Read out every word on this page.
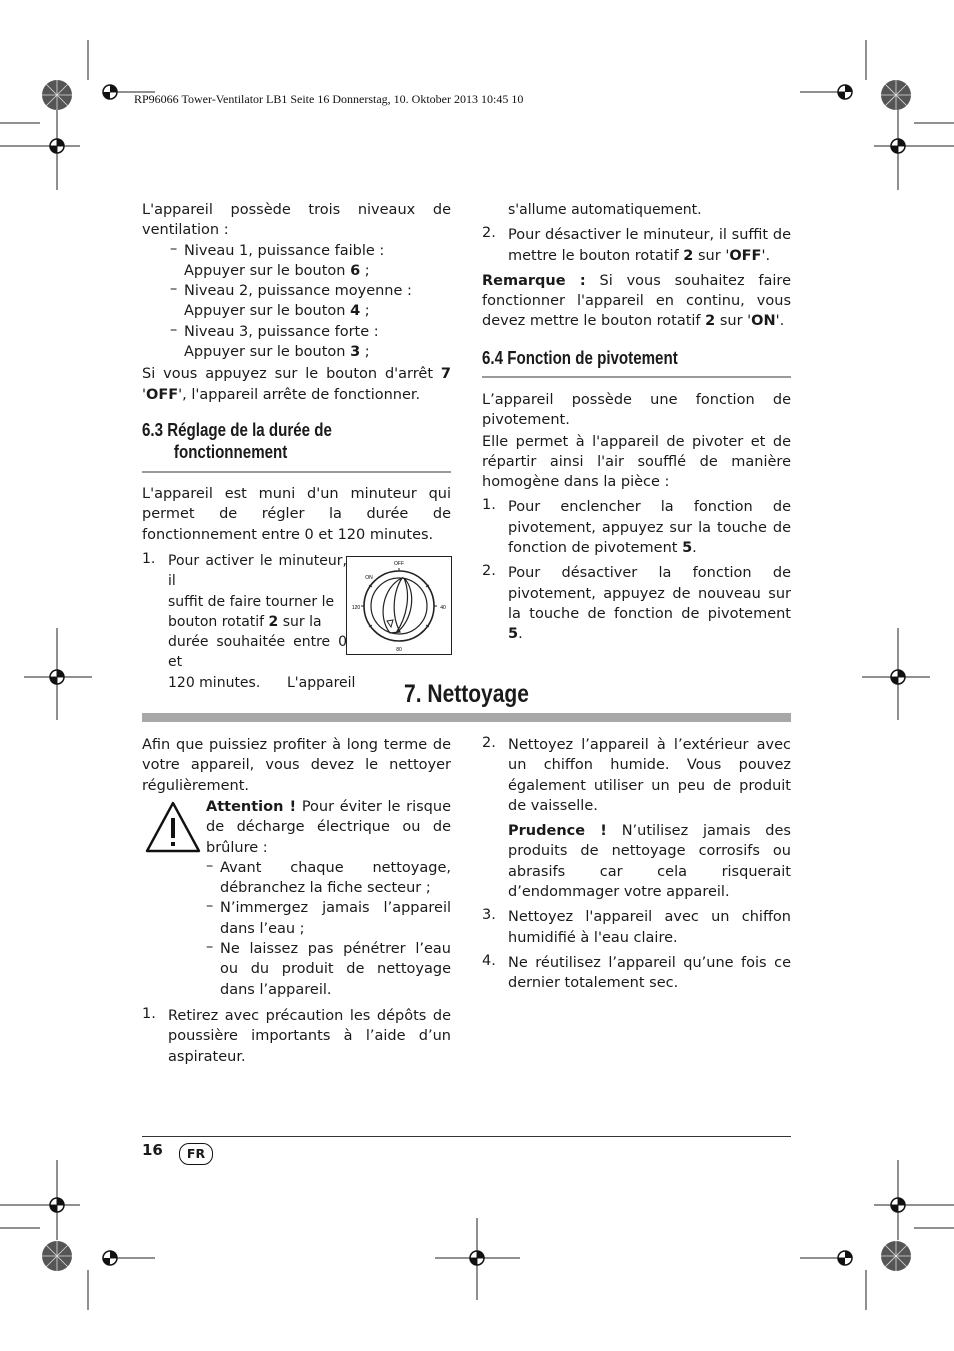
RP96066 Tower-Ventilator LB1 Seite 16 Donnerstag, 10. Oktober 2013 10:45 10

L'appareil possède trois niveaux de ventilation :

– Niveau 1, puissance faible :
Appuyer sur le bouton 6 ;
– Niveau 2, puissance moyenne :
Appuyer sur le bouton 4 ;
– Niveau 3, puissance forte :
Appuyer sur le bouton 3 ;

Si vous appuyez sur le bouton d'arrêt 7 'OFF', l'appareil arrête de fonctionner.

6.3 Réglage de la durée de
fonctionnement

L'appareil est muni d'un minuteur qui permet de régler la durée de fonctionnement entre 0 et 120 minutes.

1. Pour activer le minuteur, il
suffit de faire tourner le
bouton rotatif 2 sur la
durée souhaitée entre 0 et
120 minutes.      L'appareil
OFF
ON
120	40
80

s'allume automatiquement.

2. Pour désactiver le minuteur, il suffit de mettre le bouton rotatif 2 sur 'OFF'.

Remarque : Si vous souhaitez faire fonctionner l'appareil en continu, vous devez mettre le bouton rotatif 2 sur 'ON'.

6.4 Fonction de pivotement

L’appareil possède une fonction de pivotement.

Elle permet à l'appareil de pivoter et de répartir ainsi l'air soufflé de manière homogène dans la pièce :

1. Pour enclencher la fonction de pivotement, appuyez sur la touche de fonction de pivotement 5.

2. Pour désactiver la fonction de pivotement, appuyez de nouveau sur la touche de fonction de pivotement 5.

7. Nettoyage

Afin que puissiez profiter à long terme de votre appareil, vous devez le nettoyer régulièrement.

Attention ! Pour éviter le risque de décharge électrique ou de brûlure :

– Avant chaque nettoyage, débranchez la fiche secteur ;

– N’immergez jamais l’appareil dans l’eau ;

– Ne laissez pas pénétrer l’eau ou du produit de nettoyage dans l’appareil.

1. Retirez avec précaution les dépôts de poussière importants à l’aide d’un aspirateur.

2. Nettoyez l’appareil à l’extérieur avec un chiffon humide. Vous pouvez également utiliser un peu de produit de vaisselle.

Prudence ! N’utilisez jamais des produits de nettoyage corrosifs ou abrasifs car cela risquerait d’endommager votre appareil.

3. Nettoyez l'appareil avec un chiffon humidifié à l'eau claire.

4. Ne réutilisez l’appareil qu’une fois ce dernier totalement sec.

16	FR
